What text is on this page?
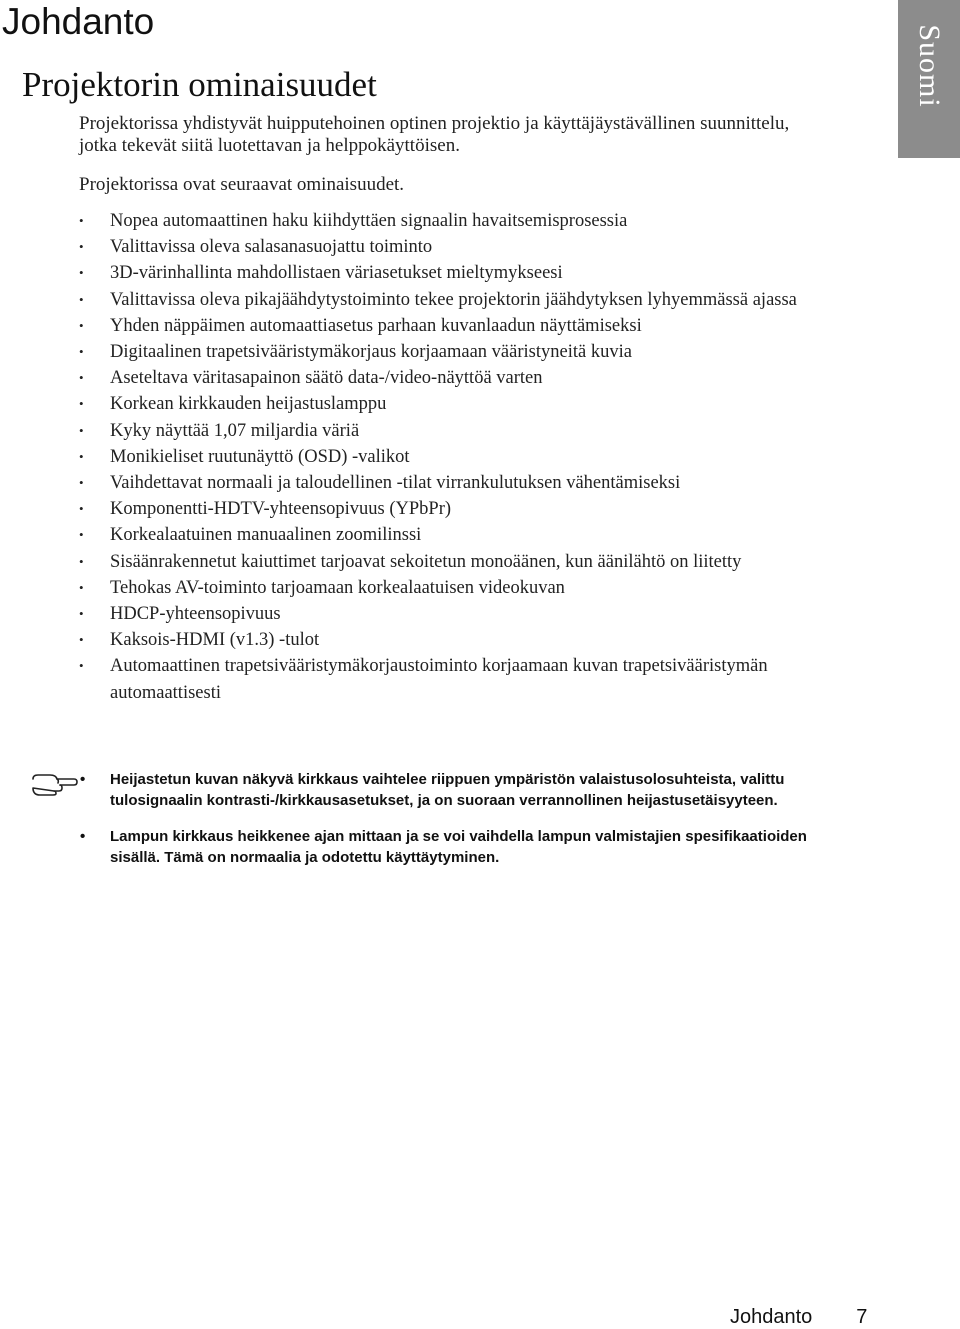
Johdanto
Projektorin ominaisuudet	Suomi

Projektorissa yhdistyvät huipputehoinen optinen projektio ja käyttäjäystävällinen suunnittelu, jotka tekevät siitä luotettavan ja helppokäyttöisen.

Projektorissa ovat seuraavat ominaisuudet.

• Nopea automaattinen haku kiihdyttäen signaalin havaitsemisprosessia
• Valittavissa oleva salasanasuojattu toiminto
• 3D-värinhallinta mahdollistaen väriasetukset mieltymykseesi
• Valittavissa oleva pikajäähdytystoiminto tekee projektorin jäähdytyksen lyhyemmässä ajassa
• Yhden näppäimen automaattiasetus parhaan kuvanlaadun näyttämiseksi
• Digitaalinen trapetsivääristymäkorjaus korjaamaan vääristyneitä kuvia
• Aseteltava väritasapainon säätö data-/video-näyttöä varten
• Korkean kirkkauden heijastuslamppu
• Kyky näyttää 1,07 miljardia väriä
• Monikieliset ruutunäyttö (OSD) -valikot
• Vaihdettavat normaali ja taloudellinen -tilat virrankulutuksen vähentämiseksi
• Komponentti-HDTV-yhteensopivuus (YPbPr)
• Korkealaatuinen manuaalinen zoomilinssi
• Sisäänrakennetut kaiuttimet tarjoavat sekoitetun monoäänen, kun äänilähtö on liitetty
• Tehokas AV-toiminto tarjoamaan korkealaatuisen videokuvan
• HDCP-yhteensopivuus
• Kaksois-HDMI (v1.3) -tulot
• Automaattinen trapetsivääristymäkorjaustoiminto korjaamaan kuvan trapetsivääristymän automaattisesti
• Heijastetun kuvan näkyvä kirkkaus vaihtelee riippuen ympäristön valaistusolosuhteista, valittu tulosignaalin kontrasti-/kirkkausasetukset, ja on suoraan verrannollinen heijastusetäisyyteen.
• Lampun kirkkaus heikkenee ajan mittaan ja se voi vaihdella lampun valmistajien spesifikaatioiden sisällä. Tämä on normaalia ja odotettu käyttäytyminen.
Johdanto 7
